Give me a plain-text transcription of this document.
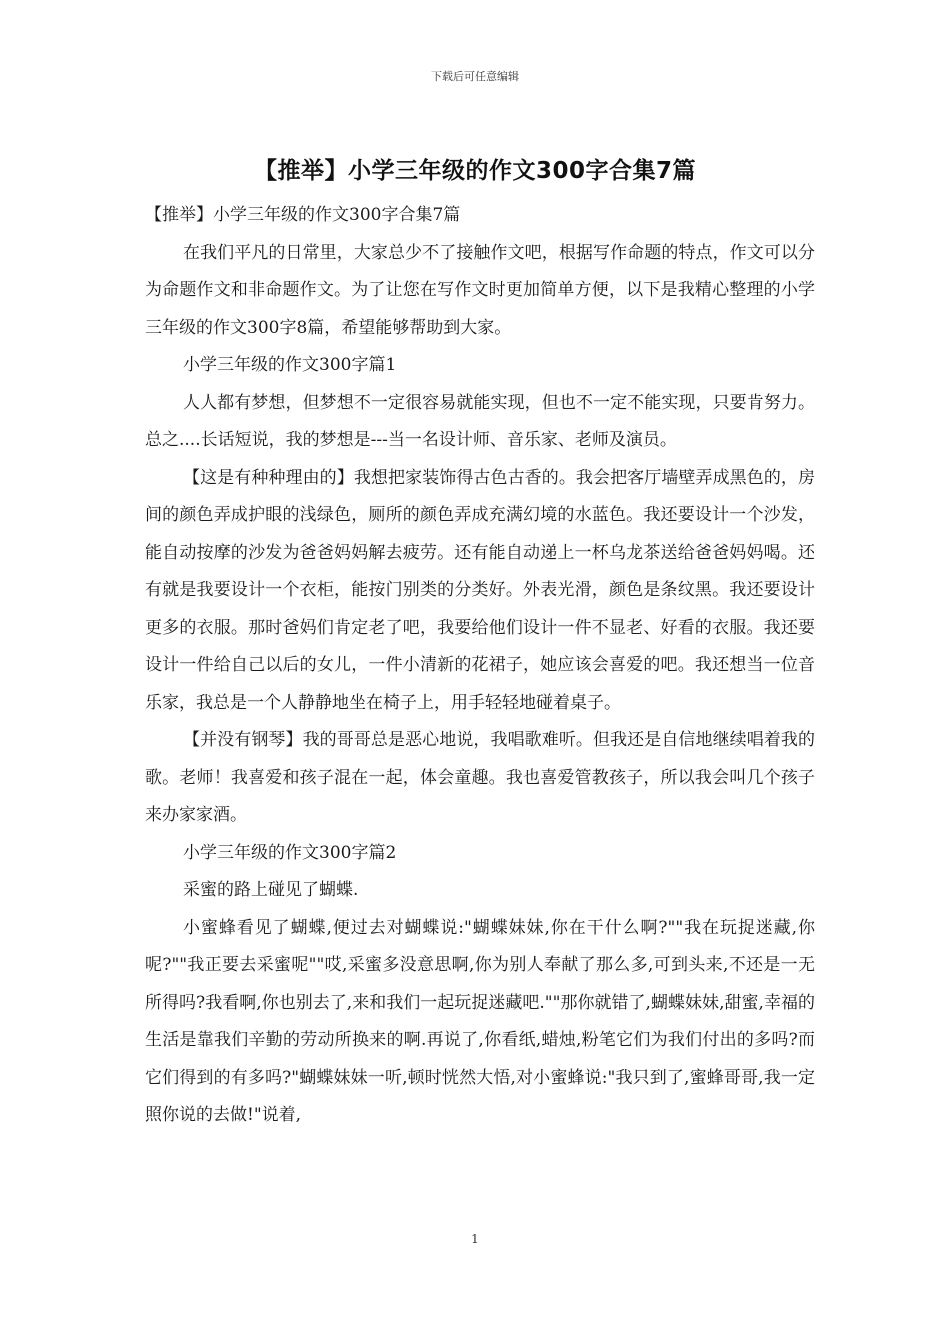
下载后可任意编辑
【推举】小学三年级的作文300字合集7篇

【推举】小学三年级的作文300字合集7篇

在我们平凡的日常里，大家总少不了接触作文吧，根据写作命题的特点，作文可以分为命题作文和非命题作文。为了让您在写作文时更加简单方便，以下是我精心整理的小学三年级的作文300字8篇，希望能够帮助到大家。

小学三年级的作文300字篇1

人人都有梦想，但梦想不一定很容易就能实现，但也不一定不能实现，只要肯努力。总之....长话短说，我的梦想是---当一名设计师、音乐家、老师及演员。

【这是有种种理由的】我想把家装饰得古色古香的。我会把客厅墙壁弄成黑色的，房间的颜色弄成护眼的浅绿色，厕所的颜色弄成充满幻境的水蓝色。我还要设计一个沙发，能自动按摩的沙发为爸爸妈妈解去疲劳。还有能自动递上一杯乌龙茶送给爸爸妈妈喝。还有就是我要设计一个衣柜，能按门别类的分类好。外表光滑，颜色是条纹黑。我还要设计更多的衣服。那时爸妈们肯定老了吧，我要给他们设计一件不显老、好看的衣服。我还要设计一件给自己以后的女儿，一件小清新的花裙子，她应该会喜爱的吧。我还想当一位音乐家，我总是一个人静静地坐在椅子上，用手轻轻地碰着桌子。

【并没有钢琴】我的哥哥总是恶心地说，我唱歌难听。但我还是自信地继续唱着我的歌。老师！我喜爱和孩子混在一起，体会童趣。我也喜爱管教孩子，所以我会叫几个孩子来办家家酒。

小学三年级的作文300字篇2

采蜜的路上碰见了蝴蝶.

小蜜蜂看见了蝴蝶,便过去对蝴蝶说:"蝴蝶妹妹,你在干什么啊?""我在玩捉迷藏,你呢?""我正要去采蜜呢""哎,采蜜多没意思啊,你为别人奉献了那么多,可到头来,不还是一无所得吗?我看啊,你也别去了,来和我们一起玩捉迷藏吧.""那你就错了,蝴蝶妹妹,甜蜜,幸福的生活是靠我们辛勤的劳动所换来的啊.再说了,你看纸,蜡烛,粉笔它们为我们付出的多吗?而它们得到的有多吗?"蝴蝶妹妹一听,顿时恍然大悟,对小蜜蜂说:"我只到了,蜜蜂哥哥,我一定照你说的去做!"说着,

1
